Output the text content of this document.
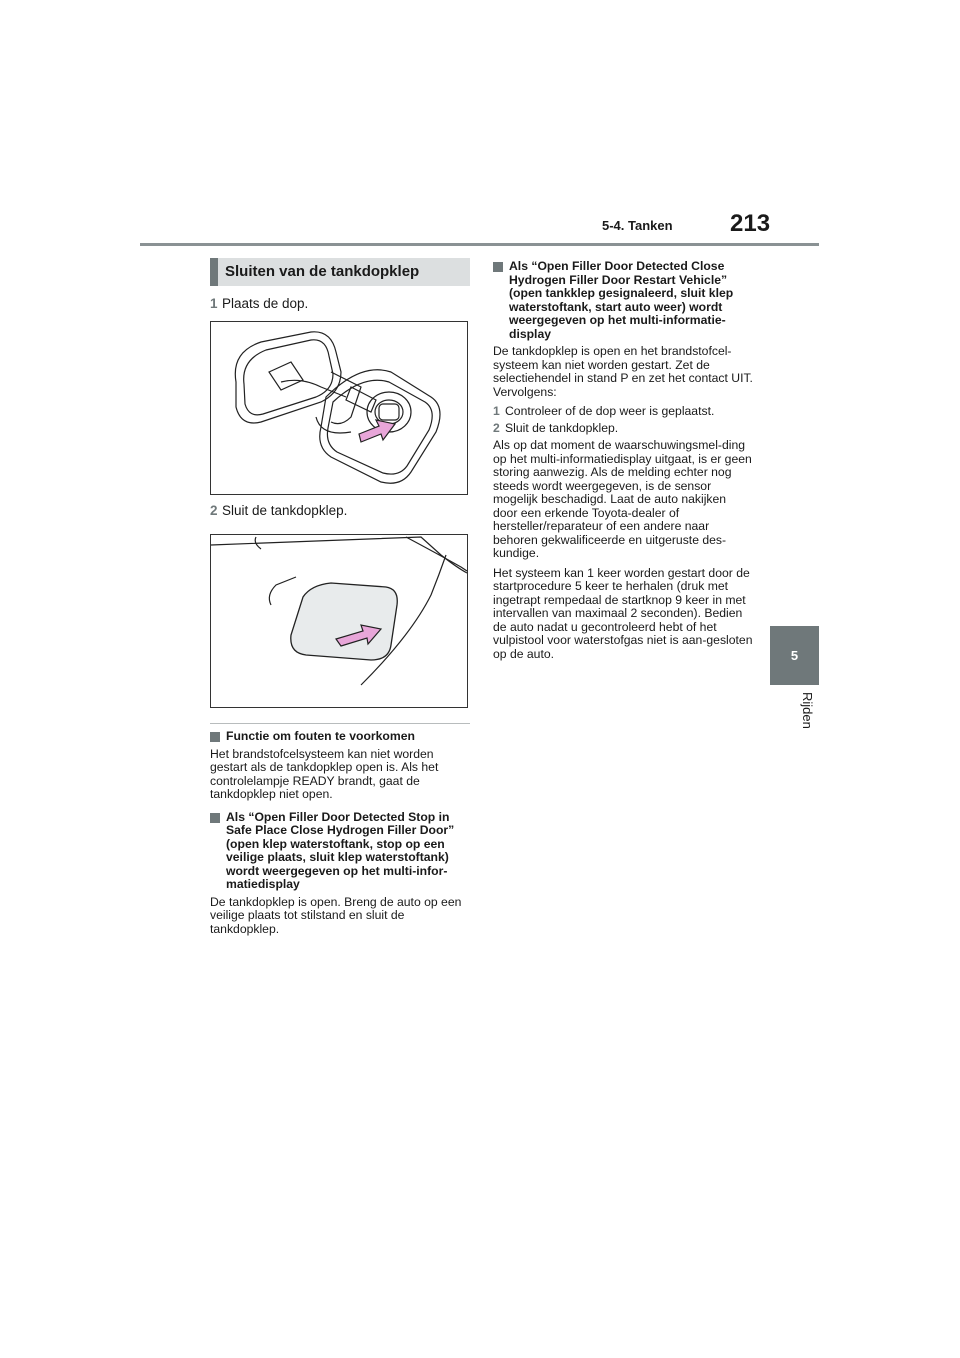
5-4. Tanken 213
5
Rijden
Sluiten van de tankdopklep
1 Plaats de dop.
2 Sluit de tankdopklep.
Functie om fouten te voorkomen
Het brandstofcelsysteem kan niet worden gestart als de tankdopklep open is. Als het controlelampje READY brandt, gaat de tankdopklep niet open.
Als “Open Filler Door Detected Stop in Safe Place Close Hydrogen Filler Door” (open klep waterstoftank, stop op een veilige plaats, sluit klep waterstoftank) wordt weergegeven op het multi-infor-matiedisplay
De tankdopklep is open. Breng de auto op een veilige plaats tot stilstand en sluit de tankdopklep.
Als “Open Filler Door Detected Close Hydrogen Filler Door Restart Vehicle” (open tankklep gesignaleerd, sluit klep waterstoftank, start auto weer) wordt weergegeven op het multi-informatie-display
De tankdopklep is open en het brandstofcel-systeem kan niet worden gestart. Zet de selectiehendel in stand P en zet het contact UIT. Vervolgens:
1 Controleer of de dop weer is geplaatst.
2 Sluit de tankdopklep.
Als op dat moment de waarschuwingsmel-ding op het multi-informatiedisplay uitgaat, is er geen storing aanwezig. Als de melding echter nog steeds wordt weergegeven, is de sensor mogelijk beschadigd. Laat de auto nakijken door een erkende Toyota-dealer of hersteller/reparateur of een andere naar behoren gekwalificeerde en uitgeruste des-kundige.
Het systeem kan 1 keer worden gestart door de startprocedure 5 keer te herhalen (druk met ingetrapt rempedaal de startknop 9 keer in met intervallen van maximaal 2 seconden). Bedien de auto nadat u gecontroleerd hebt of het vulpistool voor waterstofgas niet is aan-gesloten op de auto.
